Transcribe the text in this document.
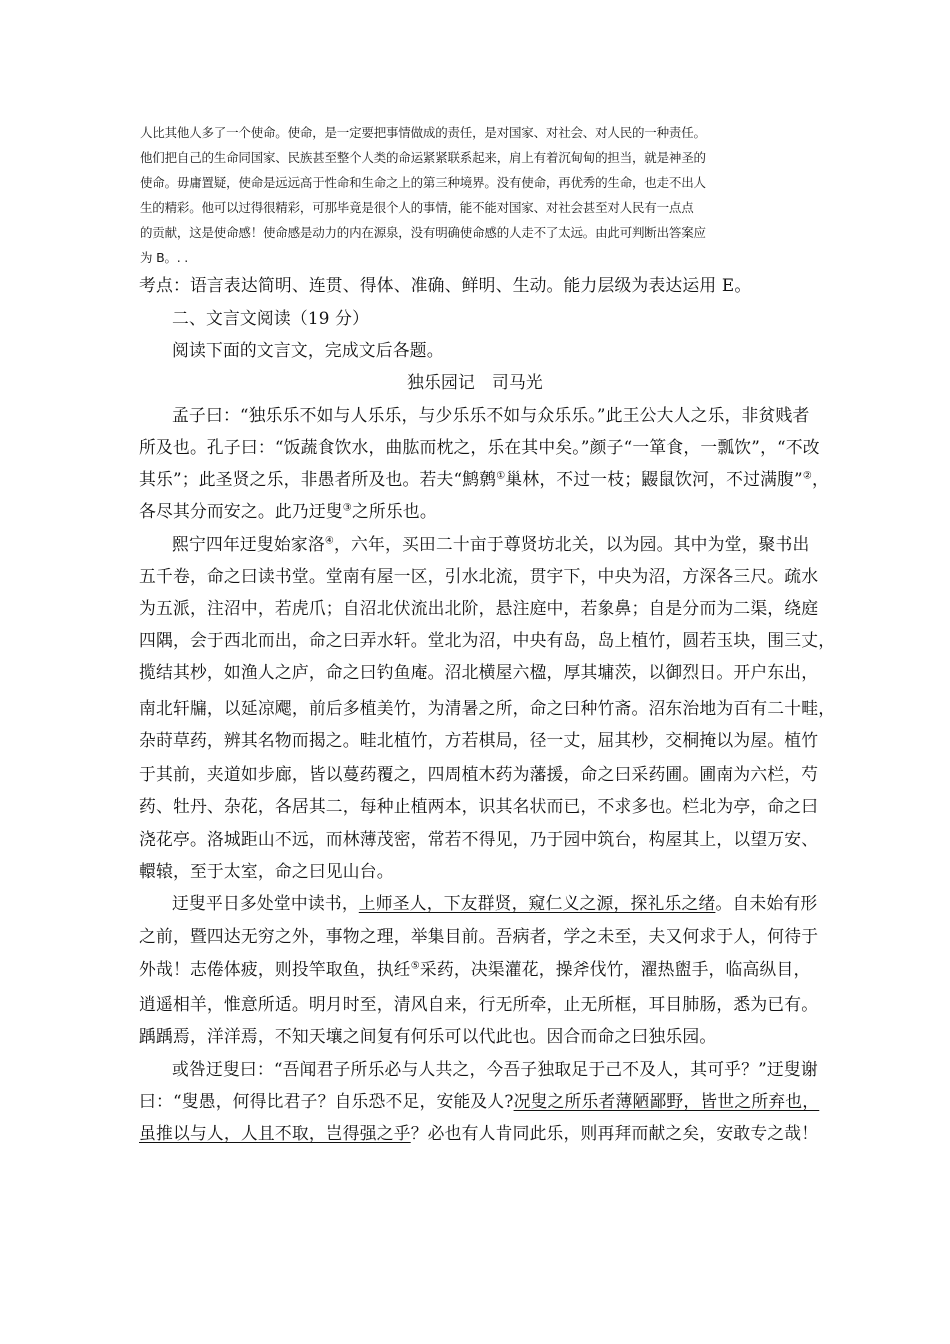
人比其他人多了一个使命。使命，是一定要把事情做成的责任，是对国家、对社会、对人民的一种责任。
他们把自己的生命同国家、民族甚至整个人类的命运紧紧联系起来，肩上有着沉甸甸的担当，就是神圣的
使命。毋庸置疑，使命是远远高于性命和生命之上的第三种境界。没有使命，再优秀的生命，也走不出人
生的精彩。他可以过得很精彩，可那毕竟是很个人的事情，能不能对国家、对社会甚至对人民有一点点
的贡献，这是使命感！使命感是动力的内在源泉，没有明确使命感的人走不了太远。由此可判断出答案应
为 B。. .
考点：语言表达简明、连贯、得体、准确、鲜明、生动。能力层级为表达运用 E。
二、文言文阅读（19 分）
阅读下面的文言文，完成文后各题。
独乐园记　司马光
孟子曰：“独乐乐不如与人乐乐，与少乐乐不如与众乐乐。”此王公大人之乐，非贫贱者
所及也。孔子曰：“饭蔬食饮水，曲肱而枕之，乐在其中矣。”颜子“一箪食，一瓢饮”，“不改
其乐”；此圣贤之乐，非愚者所及也。若夫“鹪鹩①巢林，不过一枝；鼹鼠饮河，不过满腹”②，
各尽其分而安之。此乃迂叟③之所乐也。
熙宁四年迂叟始家洛④，六年，买田二十亩于尊贤坊北关，以为园。其中为堂，聚书出
五千卷，命之曰读书堂。堂南有屋一区，引水北流，贯宇下，中央为沼，方深各三尺。疏水
为五派，注沼中，若虎爪；自沼北伏流出北阶，悬注庭中，若象鼻；自是分而为二渠，绕庭
四隅，会于西北而出，命之曰弄水轩。堂北为沼，中央有岛，岛上植竹，圆若玉块，围三丈，
揽结其杪，如渔人之庐，命之曰钓鱼庵。沼北横屋六楹，厚其墉茨，以御烈日。开户东出，
南北轩牖，以延凉飔，前后多植美竹，为清暑之所，命之曰种竹斋。沼东治地为百有二十畦，
杂莳草药，辨其名物而揭之。畦北植竹，方若棋局，径一丈，屈其杪，交桐掩以为屋。植竹
于其前，夹道如步廊，皆以蔓药覆之，四周植木药为藩援，命之曰采药圃。圃南为六栏，芍
药、牡丹、杂花，各居其二，每种止植两本，识其名状而已，不求多也。栏北为亭，命之曰
浇花亭。洛城距山不远，而林薄茂密，常若不得见，乃于园中筑台，构屋其上，以望万安、
轘辕，至于太室，命之曰见山台。
迂叟平日多处堂中读书，上师圣人，下友群贤，窥仁义之源，探礼乐之绪。自未始有形
之前，暨四达无穷之外，事物之理，举集目前。吾病者，学之未至，夫又何求于人，何待于
外哉！志倦体疲，则投竿取鱼，执纴⑤采药，决渠灌花，操斧伐竹，濯热盥手，临高纵目，
逍遥相羊，惟意所适。明月时至，清风自来，行无所牵，止无所框，耳目肺肠，悉为已有。
踽踽焉，洋洋焉，不知天壤之间复有何乐可以代此也。因合而命之曰独乐园。
或咎迂叟曰：“吾闻君子所乐必与人共之，今吾子独取足于己不及人，其可乎？”迂叟谢
曰：“叟愚，何得比君子？自乐恐不足，安能及人?况叟之所乐者薄陋鄙野，皆世之所弃也，
虽推以与人，人且不取，岂得强之乎？必也有人肯同此乐，则再拜而献之矣，安敢专之哉！
